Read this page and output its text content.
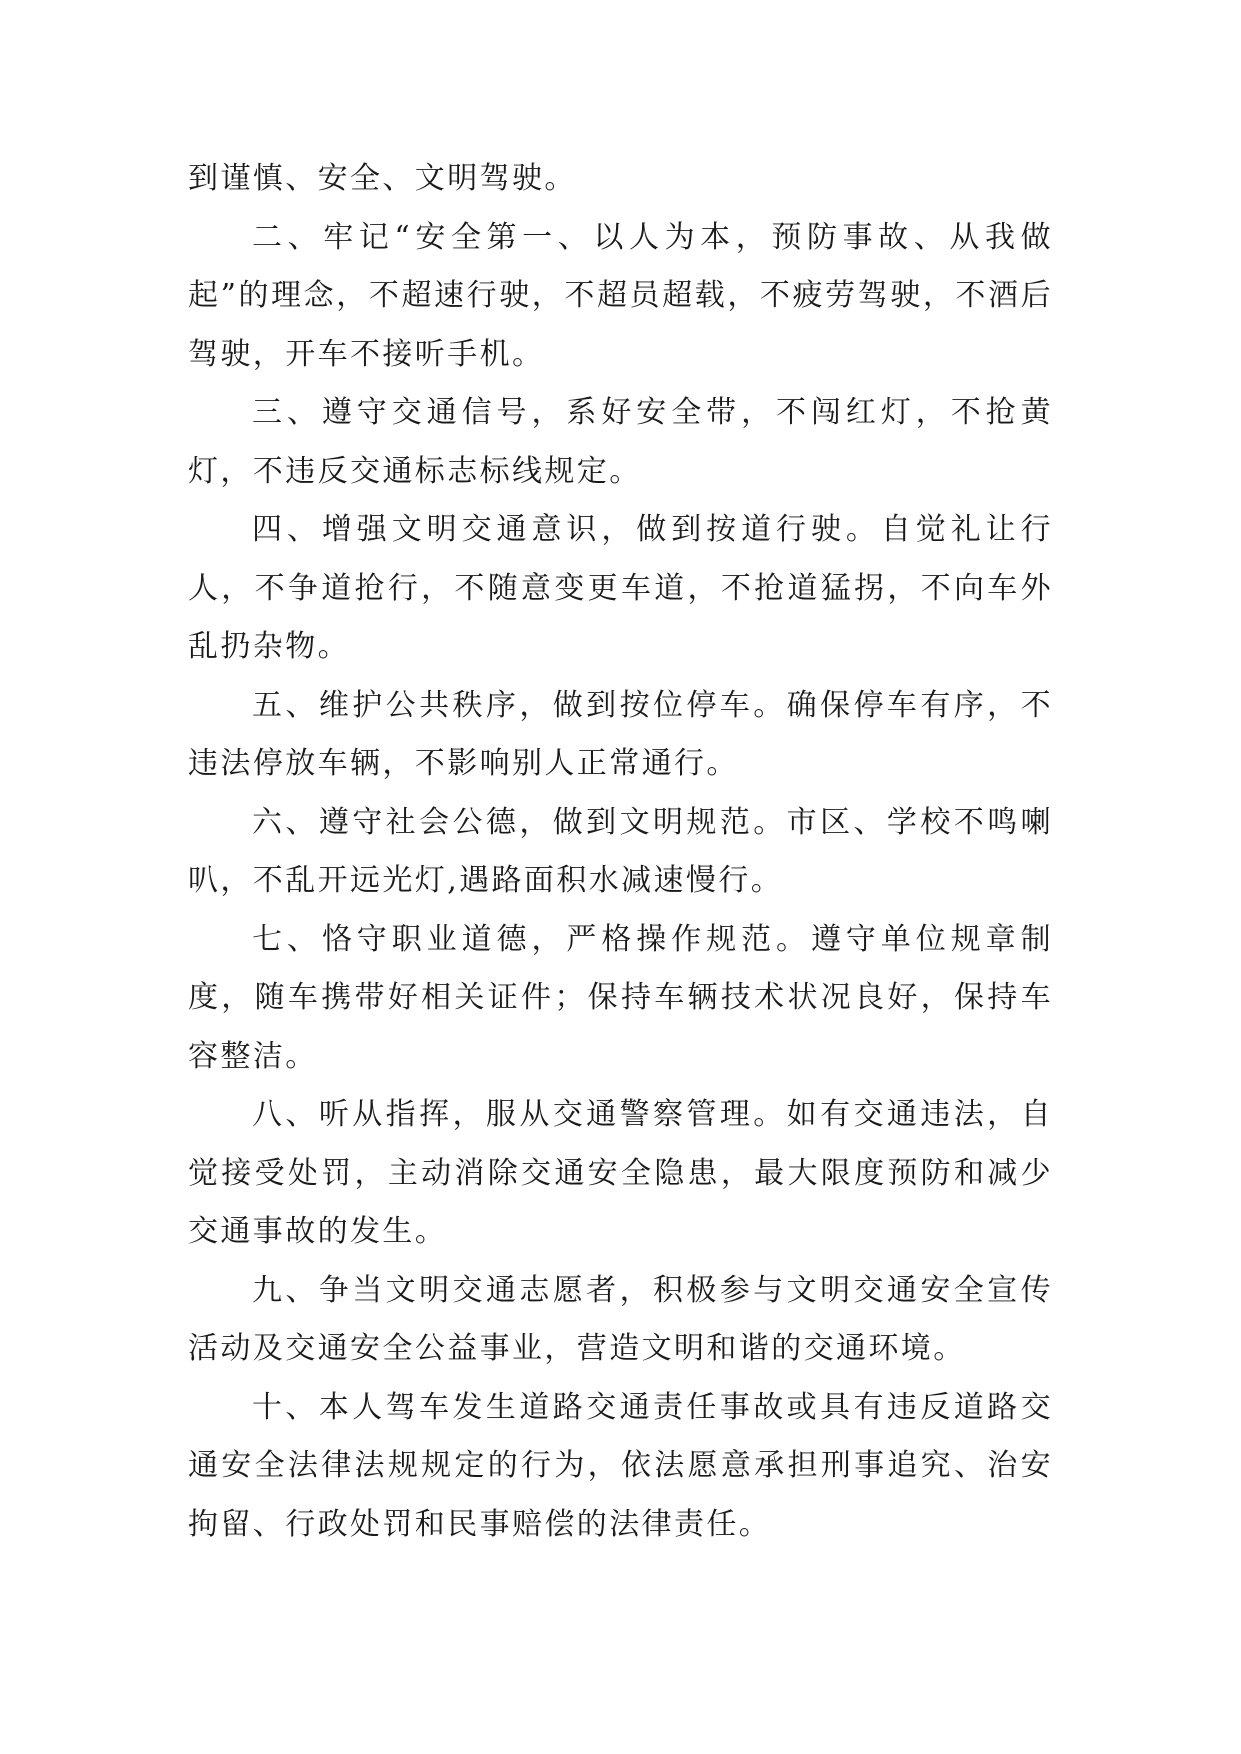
到谨慎、安全、文明驾驶。

二、牢记“安全第一、以人为本，预防事故、从我做起”的理念，不超速行驶，不超员超载，不疲劳驾驶，不酒后驾驶，开车不接听手机。

三、遵守交通信号，系好安全带，不闯红灯，不抢黄灯，不违反交通标志标线规定。

四、增强文明交通意识，做到按道行驶。自觉礼让行人，不争道抢行，不随意变更车道，不抢道猛拐，不向车外乱扔杂物。

五、维护公共秩序，做到按位停车。确保停车有序，不违法停放车辆，不影响别人正常通行。

六、遵守社会公德，做到文明规范。市区、学校不鸣喇叭，不乱开远光灯,遇路面积水减速慢行。

七、恪守职业道德，严格操作规范。遵守单位规章制度，随车携带好相关证件；保持车辆技术状况良好，保持车容整洁。

八、听从指挥，服从交通警察管理。如有交通违法，自觉接受处罚，主动消除交通安全隐患，最大限度预防和减少交通事故的发生。

九、争当文明交通志愿者，积极参与文明交通安全宣传活动及交通安全公益事业，营造文明和谐的交通环境。

十、本人驾车发生道路交通责任事故或具有违反道路交通安全法律法规规定的行为，依法愿意承担刑事追究、治安拘留、行政处罚和民事赔偿的法律责任。
